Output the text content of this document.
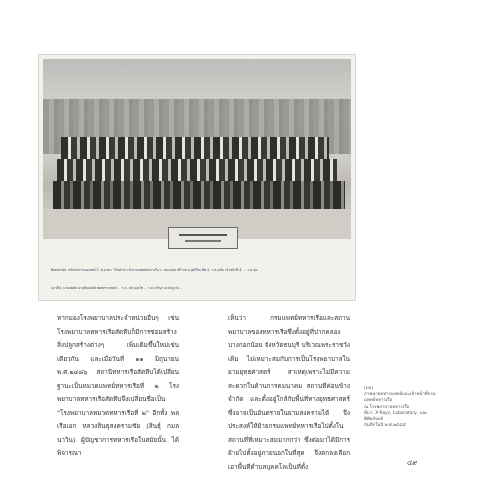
พิเศษลำดับ: หน้าทหารกองแพทย์ 1. พ.อ.พระ วิวิชคำกร เจ้ากรมแพทย์ทหารเรือ 2. หลวงเสนาสิริ หลวงวุฒิวิริยะชีพ 3. ร.ท.เฉลิม เจ้าหน้าที่ 4. ... ร.ท.ขุน

แถวยืน: นายแพทย์ นายสิบแพทย์ พลทหารแพทย์ ... ร.ต. หลวงเตโช ... ร.ต.เจริญ ร.ต.สมบูรณ์ ...

หากมองโรงพยาบาลประจำหน่วยอื่นๆ เช่น โรงพยาบาลทหารเรือสัตหีบก็มีการซ่อมสร้างสิ่งปลูกสร้างต่างๆ เพิ่มเติมขึ้นใหม่เช่นเดียวกัน และเมื่อวันที่ ๑๑ มิถุนายน พ.ศ.๒๔๘๖ สถานีทหารเรือสัตหีบได้เปลี่ยนฐานะเป็นหมวดแพทย์ทหารเรือที่ ๒ โรงพยาบาลทหารเรือสัตหีบจึงเปลี่ยนชื่อเป็น "โรงพยาบาลหมวดทหารเรือที่ ๒" อีกทั้ง พลเรือเอก หลวงสินธุสงครามชัย (สินธุ์ กมลนาวิน) ผู้บัญชาการทหารเรือในสมัยนั้น ได้พิจารณา

เห็นว่า กรมแพทย์ทหารเรือและสถานพยาบาลของทหารเรือซึ่งตั้งอยู่ที่ปากคลองบางกอกน้อย จังหวัดธนบุรี บริเวณพระราชวังเดิม ไม่เหมาะสมกับการเป็นโรงพยาบาลในยามยุทธศาสตร์ สาเหตุเพราะไม่มีความสะดวกในด้านการคมนาคม สถานที่ค่อนข้างจำกัด และตั้งอยู่ใกล้กับพื้นที่ทางยุทธศาสตร์ซึ่งอาจเป็นอันตรายในยามสงครามได้ จึงประสงค์ให้ย้ายกรมแพทย์ทหารเรือไปตั้งในสถานที่ที่เหมาะสมมากกว่า ซึ่งต่อมาได้มีการย้ายไปตั้งอยู่ภายนอกในที่สุด จึงตกลงเลือกเอาพื้นที่ตำบลบุคคโลเป็นที่ตั้ง

(บน)
ภาพนายทหารแพทย์และเจ้าหน้าที่กรมแพทย์ทหารเรือ
ณ โรงพยาบาลทหารเรือ
ที่มา: X-Rays, Laboratory, และพิพิธภัณฑ์
บันทึกในปี พ.ศ.๒๔๘๔
๔๙
